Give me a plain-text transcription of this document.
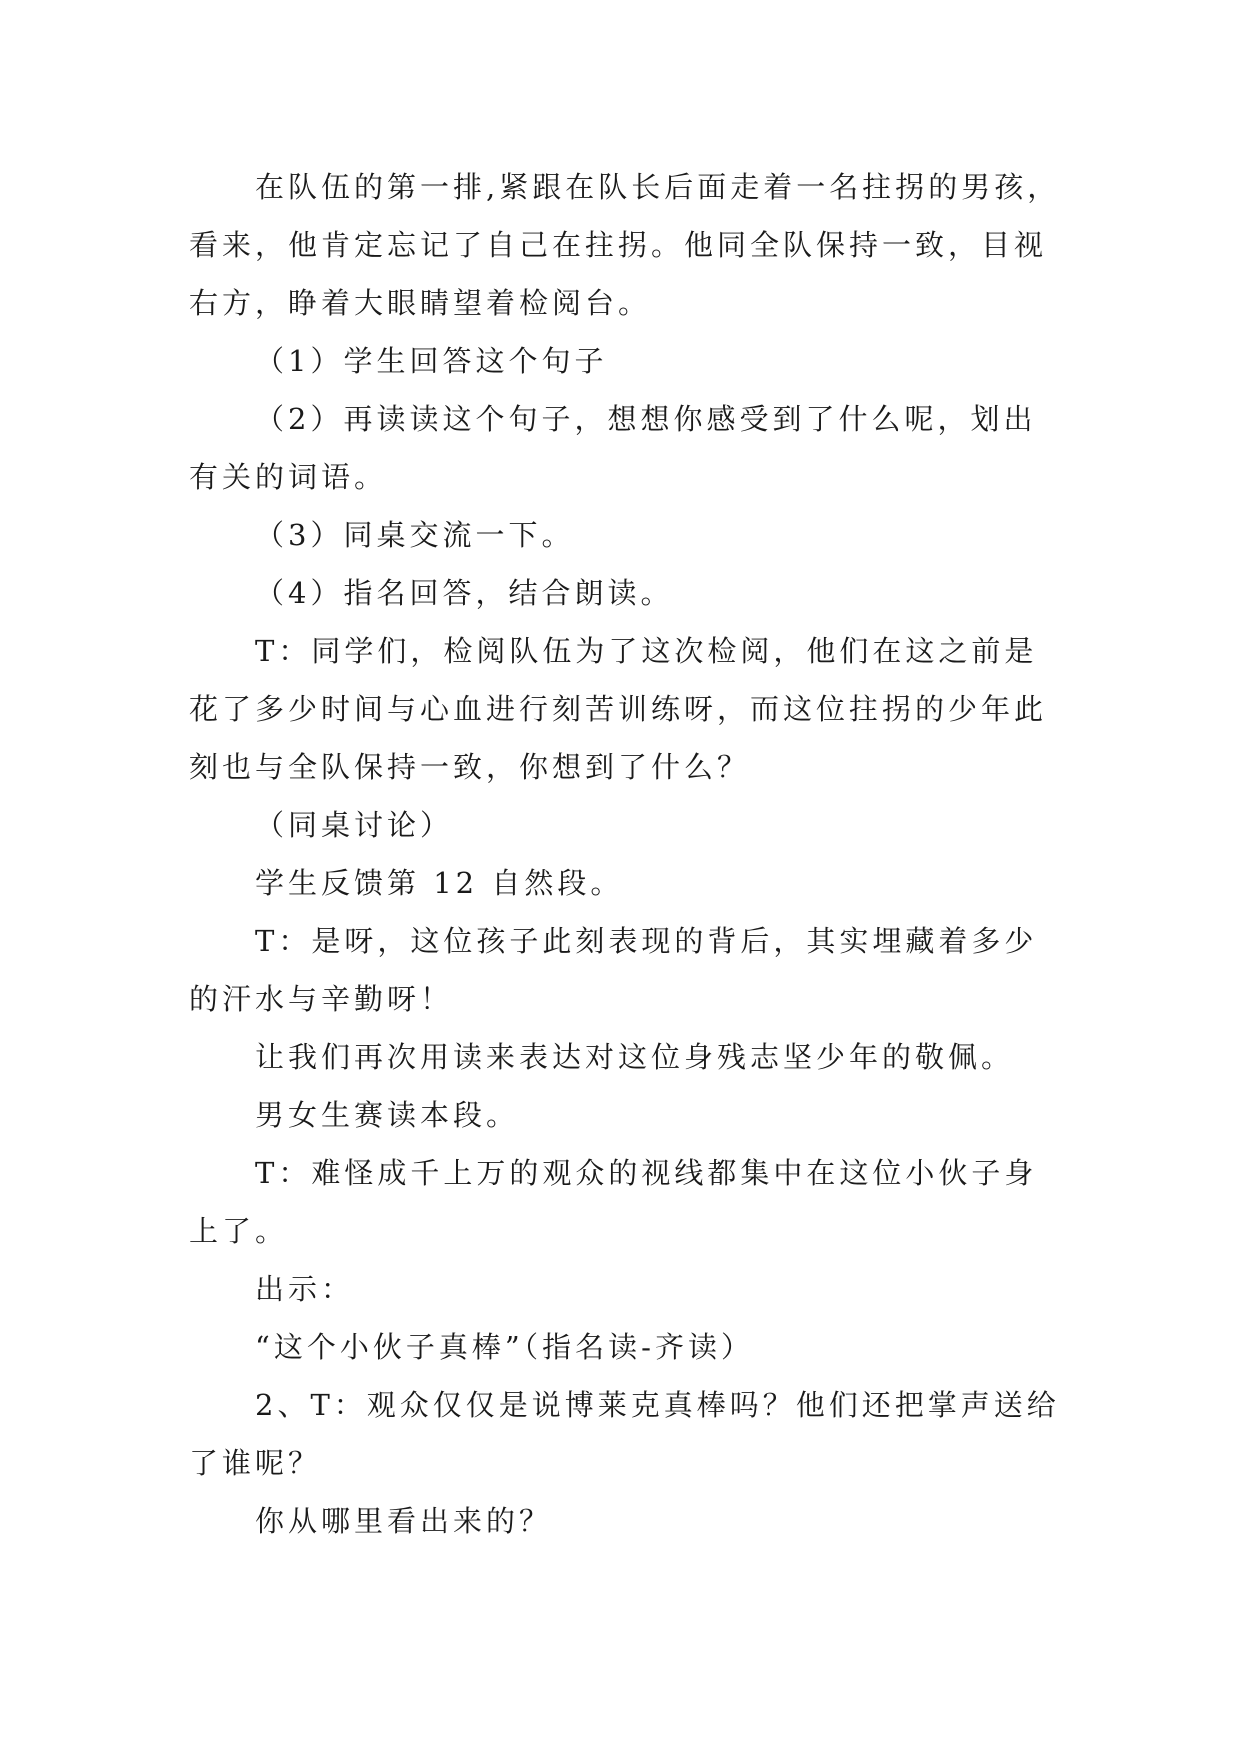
在队伍的第一排,紧跟在队长后面走着一名拄拐的男孩，
看来，他肯定忘记了自己在拄拐。他同全队保持一致，目视
右方，睁着大眼睛望着检阅台。

（1）学生回答这个句子

（2）再读读这个句子，想想你感受到了什么呢，划出
有关的词语。

（3）同桌交流一下。

（4）指名回答，结合朗读。

T：同学们，检阅队伍为了这次检阅，他们在这之前是
花了多少时间与心血进行刻苦训练呀，而这位拄拐的少年此
刻也与全队保持一致，你想到了什么？

（同桌讨论）

学生反馈第 12 自然段。

T：是呀，这位孩子此刻表现的背后，其实埋藏着多少
的汗水与辛勤呀！

让我们再次用读来表达对这位身残志坚少年的敬佩。

男女生赛读本段。

T：难怪成千上万的观众的视线都集中在这位小伙子身
上了。

出示：

“这个小伙子真棒”（指名读-齐读）

2、T：观众仅仅是说博莱克真棒吗？他们还把掌声送给
了谁呢？

你从哪里看出来的？
